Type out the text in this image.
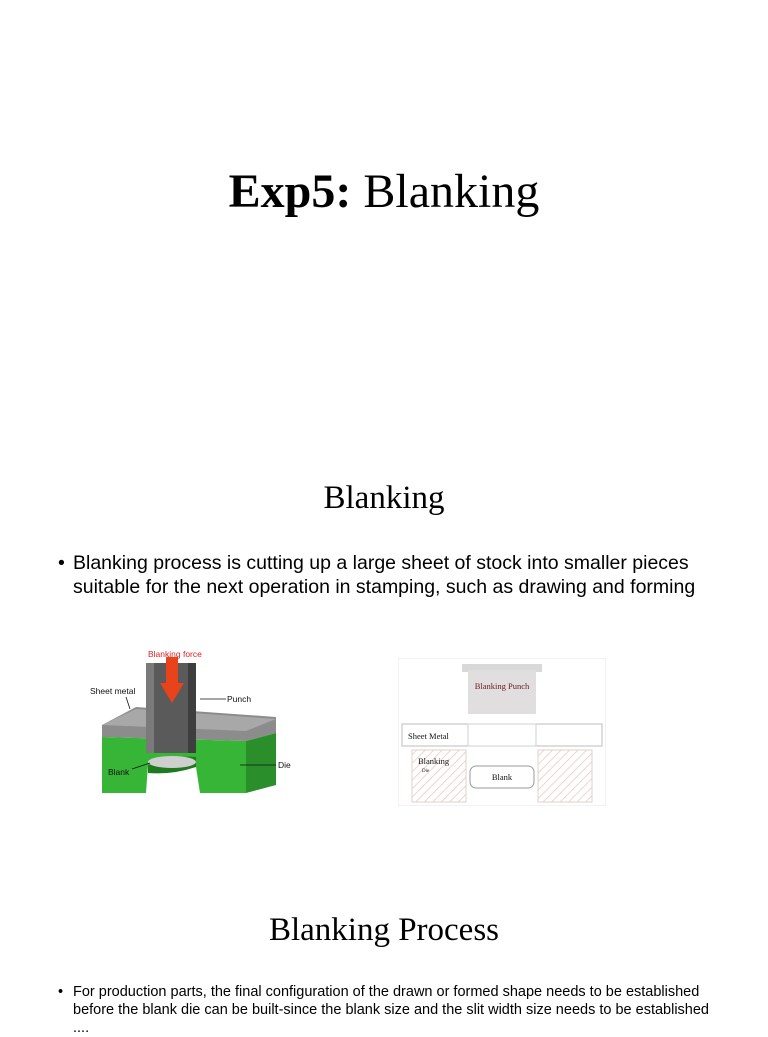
Exp5: Blanking
Blanking
• Blanking process is cutting up a large sheet of stock into smaller pieces suitable for the next operation in stamping, such as drawing and forming
Blanking force
Sheet metal
Punch
Die
Blank
Blanking Punch
Sheet Metal
Blanking
Die
Blank
Blanking Process
• For production parts, the final configuration of the drawn or formed shape needs to be established before the blank die can be built-since the blank size and the slit width size needs to be established ....
